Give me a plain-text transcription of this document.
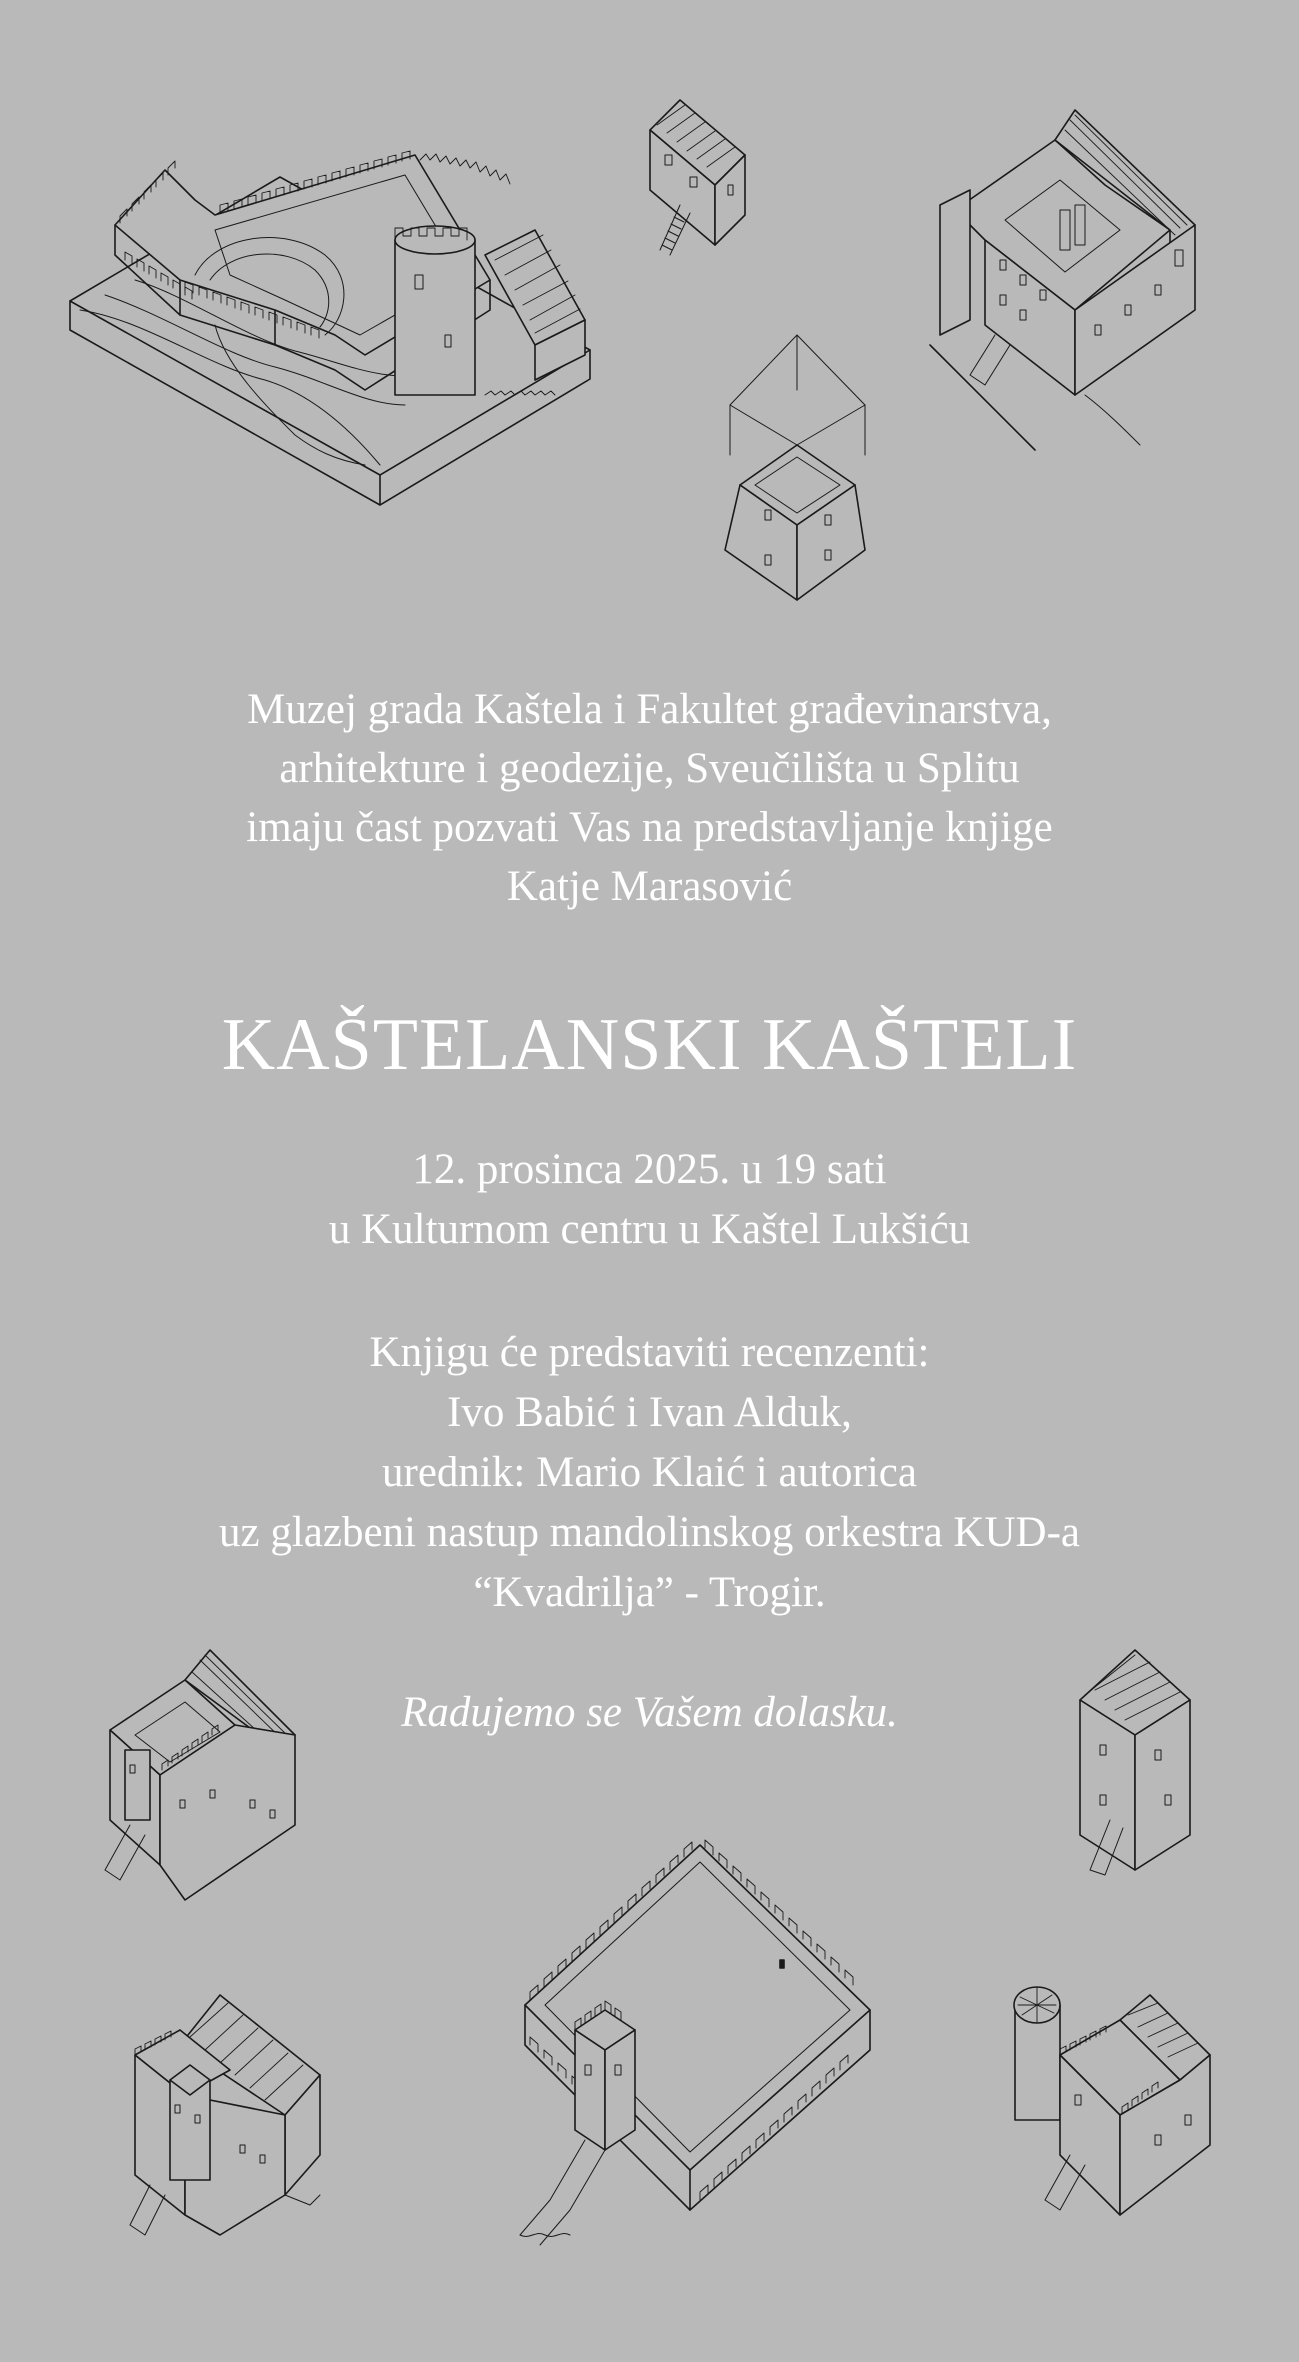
Muzej grada Kaštela i Fakultet građevinarstva,
arhitekture i geodezije, Sveučilišta u Splitu
imaju čast pozvati Vas na predstavljanje knjige
Katje Marasović
KAŠTELANSKI KAŠTELI
12. prosinca 2025. u 19 sati
u Kulturnom centru u Kaštel Lukšiću
Knjigu će predstaviti recenzenti:
Ivo Babić i Ivan Alduk,
urednik: Mario Klaić i autorica
uz glazbeni nastup mandolinskog orkestra KUD-a
“Kvadrilja” - Trogir.
Radujemo se Vašem dolasku.
